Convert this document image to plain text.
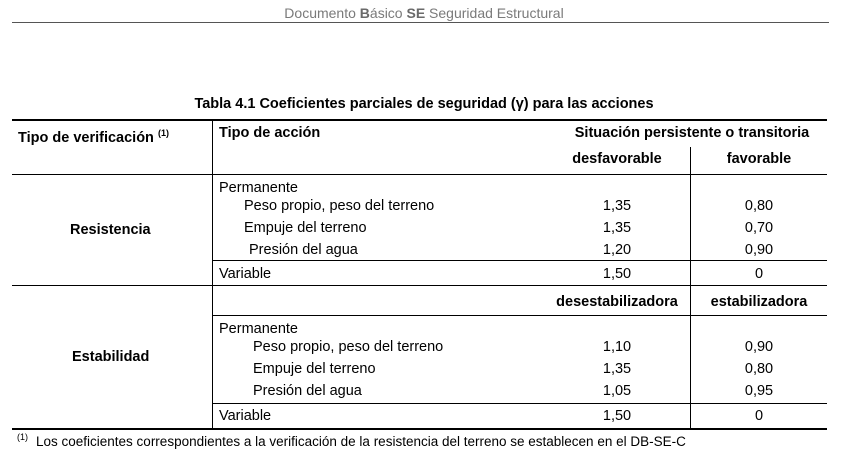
Documento Básico SE Seguridad Estructural
Tabla 4.1 Coeficientes parciales de seguridad (γ) para las acciones
Tipo de verificación $^{(1)}$	Tipo de acción	Situación persistente o transitoria
desfavorable	favorable
Resistencia
Permanente
Peso propio, peso del terreno	1,35	0,80
Empuje del terreno	1,35	0,70
Presión del agua	1,20	0,90
Variable	1,50	0
desestabilizadora	estabilizadora
Estabilidad
Permanente
Peso propio, peso del terreno	1,10	0,90
Empuje del terreno	1,35	0,80
Presión del agua	1,05	0,95
Variable	1,50	0
$^{(1)}$ Los coeficientes correspondientes a la verificación de la resistencia del terreno se establecen en el DB-SE-C
